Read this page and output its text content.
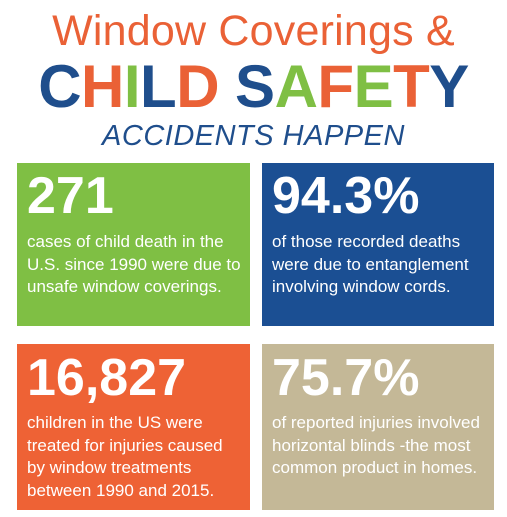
Window Coverings &
CHILD SAFETY
ACCIDENTS HAPPEN
271
cases of child death in the U.S. since 1990 were due to unsafe window coverings.
94.3%
of those recorded deaths were due to entanglement involving window cords.
16,827
children in the US were treated for injuries caused by window treatments between 1990 and 2015.
75.7%
of reported injuries involved horizontal blinds -the most common product in homes.
